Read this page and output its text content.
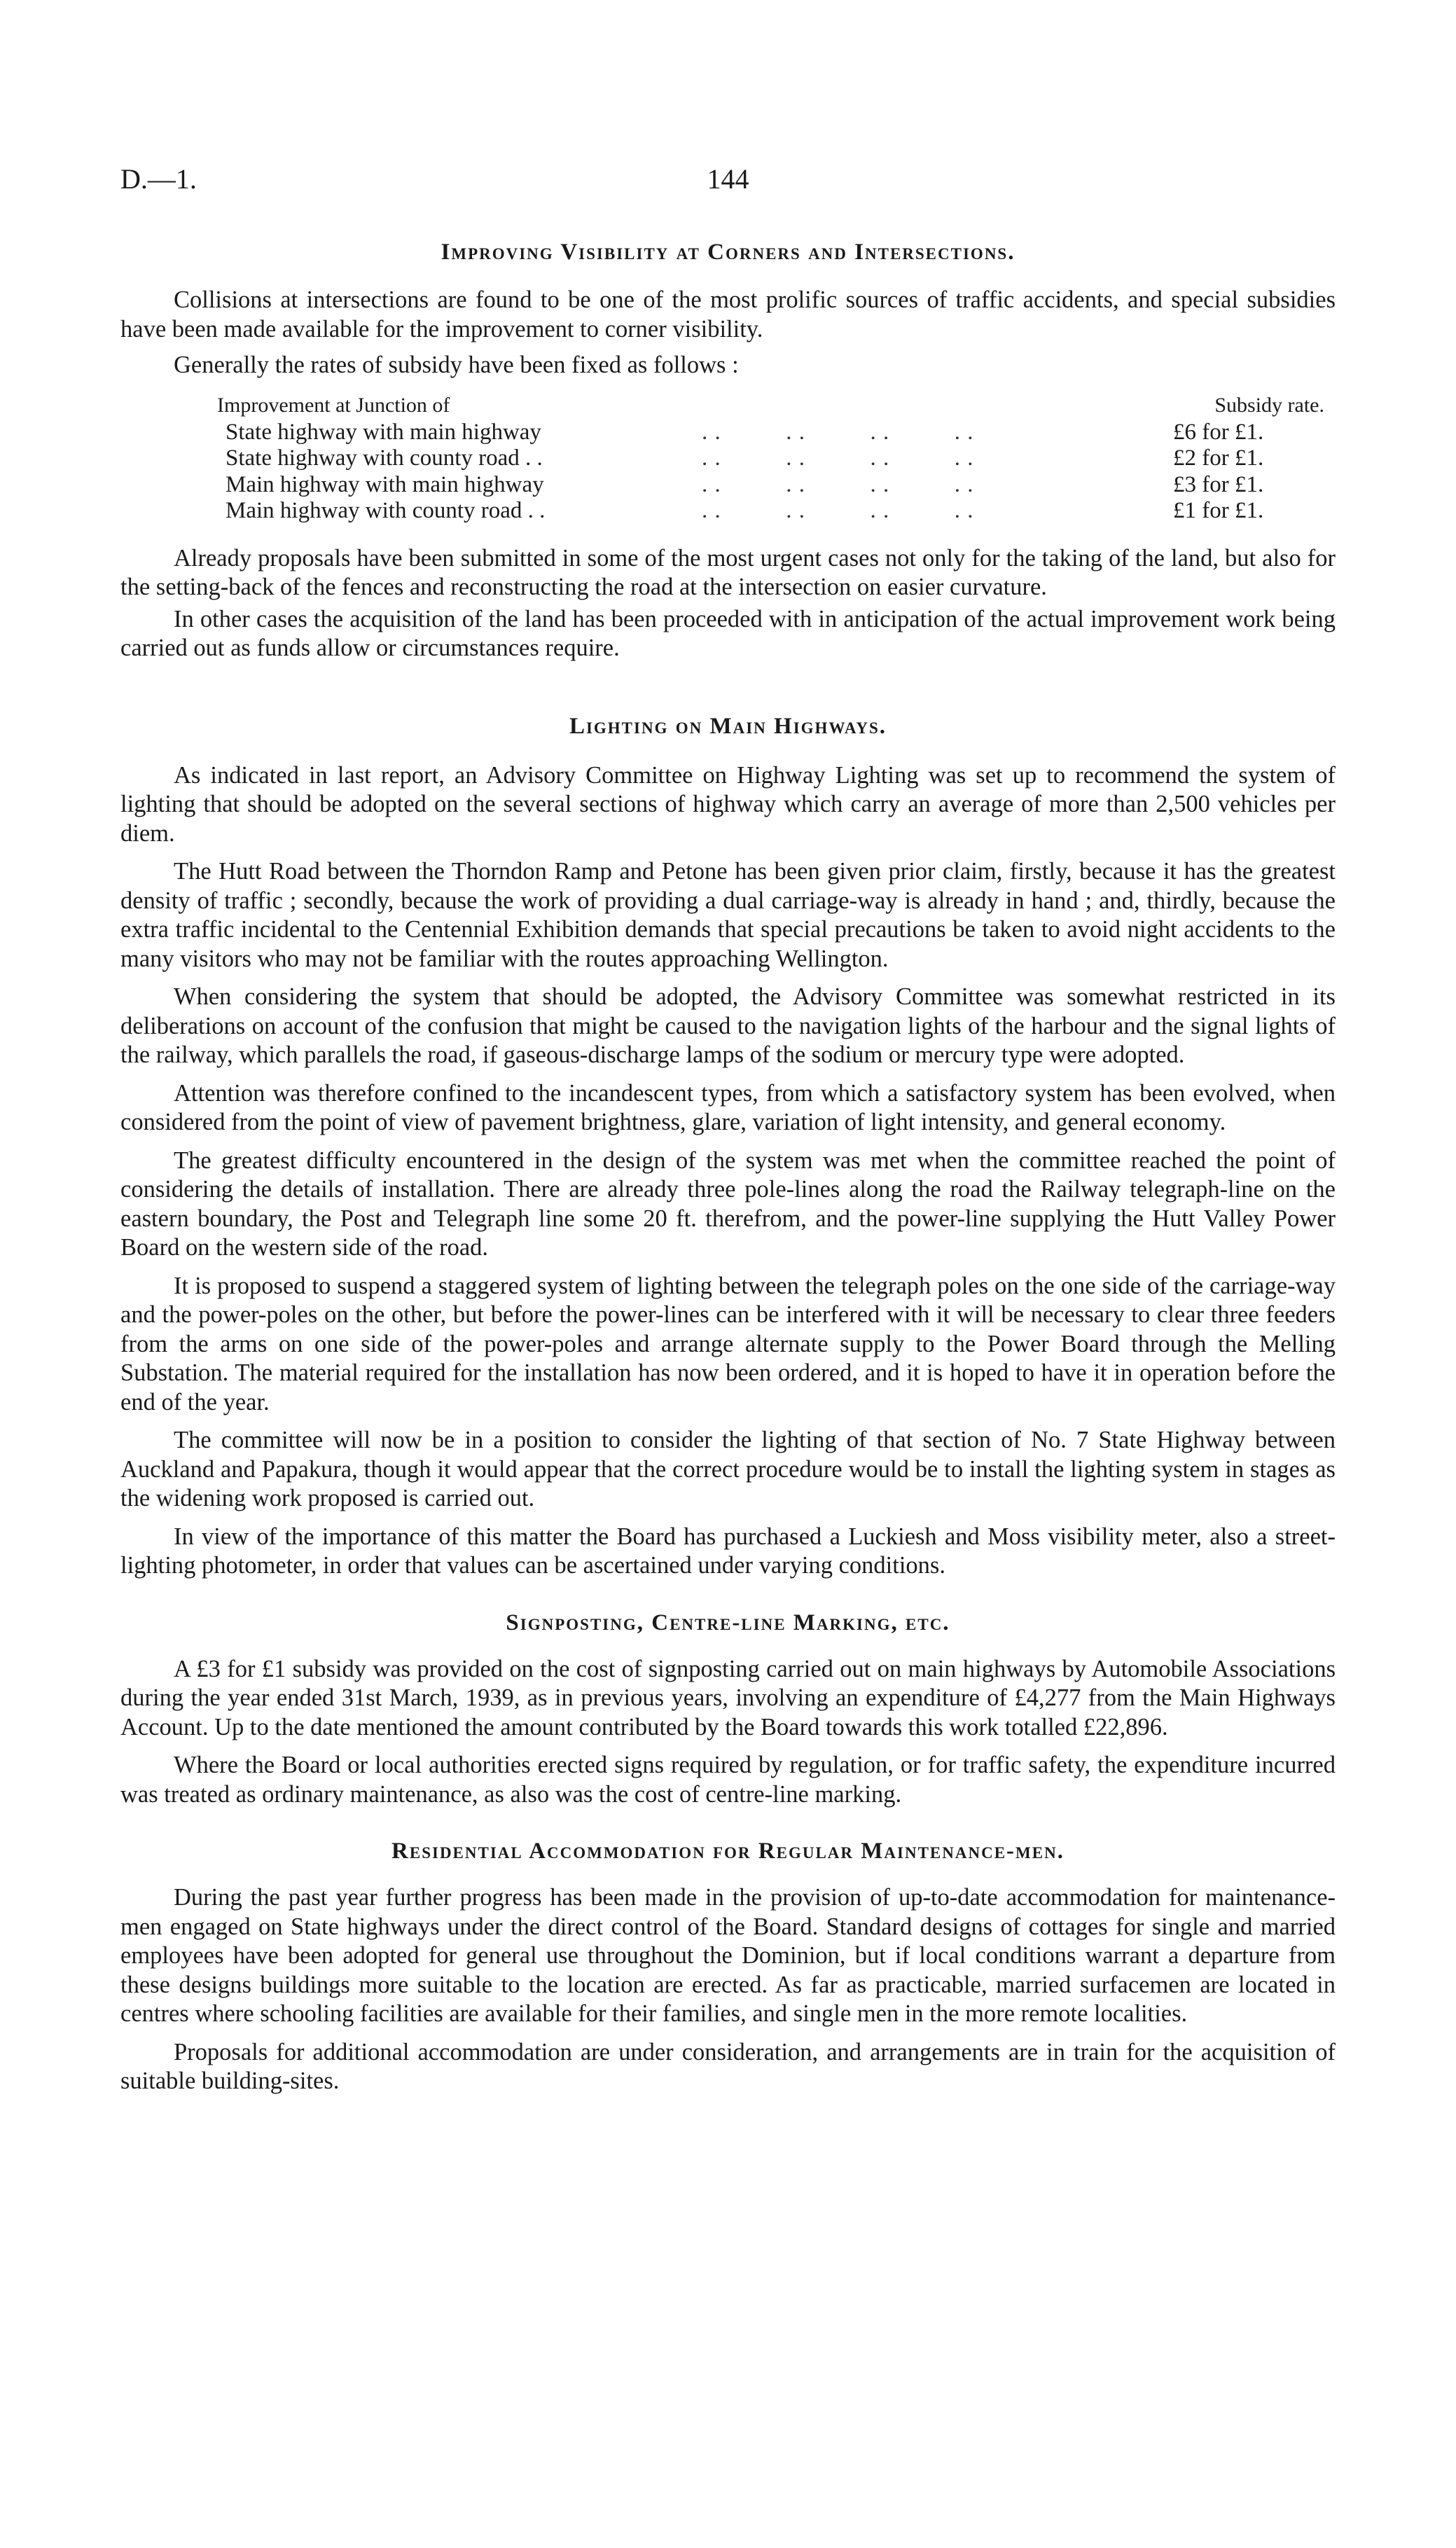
D.—1.	144
Improving Visibility at Corners and Intersections.

Collisions at intersections are found to be one of the most prolific sources of traffic accidents, and special subsidies have been made available for the improvement to corner visibility.

Generally the rates of subsidy have been fixed as follows :

Improvement at Junction of		Subsidy rate.
State highway with main highway	. .          . .          . .          . .	£6 for £1.
State highway with county road . .	. .          . .          . .          . .	£2 for £1.
Main highway with main highway	. .          . .          . .          . .	£3 for £1.
Main highway with county road . .	. .          . .          . .          . .	£1 for £1.

Already proposals have been submitted in some of the most urgent cases not only for the taking of the land, but also for the setting-back of the fences and reconstructing the road at the intersection on easier curvature.

In other cases the acquisition of the land has been proceeded with in anticipation of the actual improvement work being carried out as funds allow or circumstances require.

Lighting on Main Highways.

As indicated in last report, an Advisory Committee on Highway Lighting was set up to recommend the system of lighting that should be adopted on the several sections of highway which carry an average of more than 2,500 vehicles per diem.

The Hutt Road between the Thorndon Ramp and Petone has been given prior claim, firstly, because it has the greatest density of traffic ; secondly, because the work of providing a dual carriage-way is already in hand ; and, thirdly, because the extra traffic incidental to the Centennial Exhibition demands that special precautions be taken to avoid night accidents to the many visitors who may not be familiar with the routes approaching Wellington.

When considering the system that should be adopted, the Advisory Committee was somewhat restricted in its deliberations on account of the confusion that might be caused to the navigation lights of the harbour and the signal lights of the railway, which parallels the road, if gaseous-discharge lamps of the sodium or mercury type were adopted.

Attention was therefore confined to the incandescent types, from which a satisfactory system has been evolved, when considered from the point of view of pavement brightness, glare, variation of light intensity, and general economy.

The greatest difficulty encountered in the design of the system was met when the committee reached the point of considering the details of installation. There are already three pole-lines along the road the Railway telegraph-line on the eastern boundary, the Post and Telegraph line some 20 ft. therefrom, and the power-line supplying the Hutt Valley Power Board on the western side of the road.

It is proposed to suspend a staggered system of lighting between the telegraph poles on the one side of the carriage-way and the power-poles on the other, but before the power-lines can be interfered with it will be necessary to clear three feeders from the arms on one side of the power-poles and arrange alternate supply to the Power Board through the Melling Substation. The material required for the installation has now been ordered, and it is hoped to have it in operation before the end of the year.

The committee will now be in a position to consider the lighting of that section of No. 7 State Highway between Auckland and Papakura, though it would appear that the correct procedure would be to install the lighting system in stages as the widening work proposed is carried out.

In view of the importance of this matter the Board has purchased a Luckiesh and Moss visibility meter, also a street-lighting photometer, in order that values can be ascertained under varying conditions.

Signposting, Centre-line Marking, etc.

A £3 for £1 subsidy was provided on the cost of signposting carried out on main highways by Automobile Associations during the year ended 31st March, 1939, as in previous years, involving an expenditure of £4,277 from the Main Highways Account. Up to the date mentioned the amount contributed by the Board towards this work totalled £22,896.

Where the Board or local authorities erected signs required by regulation, or for traffic safety, the expenditure incurred was treated as ordinary maintenance, as also was the cost of centre-line marking.

Residential Accommodation for Regular Maintenance-men.

During the past year further progress has been made in the provision of up-to-date accommodation for maintenance-men engaged on State highways under the direct control of the Board. Standard designs of cottages for single and married employees have been adopted for general use throughout the Dominion, but if local conditions warrant a departure from these designs buildings more suitable to the location are erected. As far as practicable, married surfacemen are located in centres where schooling facilities are available for their families, and single men in the more remote localities.

Proposals for additional accommodation are under consideration, and arrangements are in train for the acquisition of suitable building-sites.
